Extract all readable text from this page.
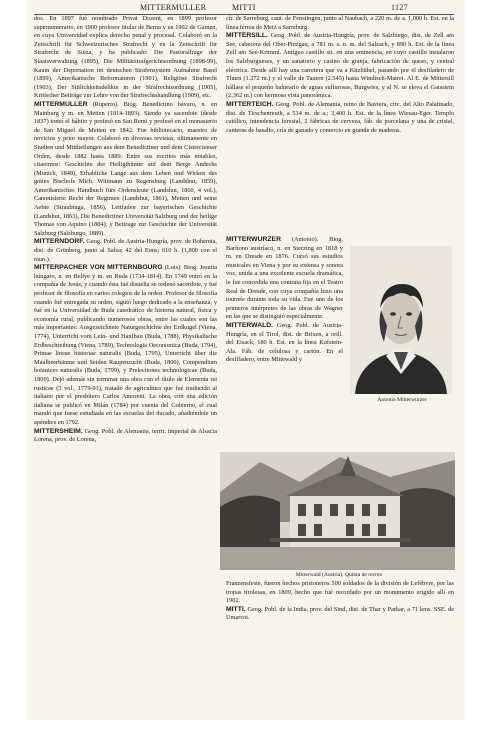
MITTERMULLER	MITTI	1127

dos. En 1897 fué nombrado Privat Dozent, en 1899 profesor supernumerario, en 1900 profesor titular de Berna y en 1902 de Gamen, en cuya Universidad explica derecho penal y procesal. Colaboró en la Zeitschrift für Schweizerisches Strafrecht y en la Zeitschrift für Strafrecht de Suiza, y ha publicado: Die Pastoralfrage der Staatsverwaltung (1895), Die Militärstrafgerichtsordnung (1898-99), Kaum der Deportation im deutschen Strafensystem Aufnahme Basel (1899), Amerikanische Reformatoren (1901), Religiöse Strafrecht (1903), Der Sittlichkeitsdelikte in der Strafrechtsordnung (1905), Kritischer Beiträge zur Lehre von der Strafrechtshandlung (1909), etc.

MITTERMULLER (Ruperto). Biog. Benedictino bávaro, n. en Mainburg y m. en Metten (1814-1893). Siendo ya sacerdote (desde 1837) tomó el hábito y profesó en San Remi y profesó en el monasterio de San Miguel de Metten en 1842. Fue bibliotecario, maestro de novicios y prior mayor. Colaboró en diversas revistas, ultimamente en Studien und Mittheilungen aus dem Benedictiner und dem Cistercienser Orden, desde 1882 hasta 1889. Entre sus escritos más notables, citaremos: Geschichte der Heiligthümer auf dem Berge Andechs (Munich, 1848), Erhabliche Lange aus dem Leben und Wirken des gottes Bischofs Mich. Wittmann zu Regensburg (Landshut, 1859), Amerikanisches Handbuch fürs Ordensleute (Landshut, 1860, 4 vol.), Canonisierte Recht der Regimen (Landshut, 1861), Metten und seine Aebte (Straubinga, 1856), Leitfaden zur bayerischen Geschichte (Landshut, 1863), Die Benedictiner Universität Salzburg und der heilige Thomas von Aquino (1884), y Beitrage zur Geschichte der Universität Salzburg (Salzburgo, 1889).

MITTERNDORF. Geog. Pobl. de Austria-Hungría, prov. de Bohemia, dist. de Grünberg, junto al Salza; 42 del Enns; 610 h. (1,800 con el mun.).

MITTERPACHER VON MITTERNBOURG (Luis). Biog. Jesuita húngaro, n. en Bellye y m. en Buda (1734-1814). En 1749 entró en la compañía de Jesús, y cuando ésta fué disuelta se ordenó sacerdote, y fué profesor de filosofía en varios colegios de la orden. Profesor de filosofía cuando fué entregada su orden, siguió luego dedicado a la enseñanza, y fué en la Universidad de Buda catedrático de historia natural, física y economía rural, publicando numerosos obras, entre las cuales son las más importantes: Ausgezeichnete Naturgeschichte der Erdkugel (Viena, 1774), Unterricht vom Lein- und Hanfbau (Buda, 1788), Physikalische Erdbeschreibung (Viena, 1789), Technologia Oeconomica (Buda, 1794), Primae lineae historiae naturalis (Buda, 1795), Unterricht über die Maulbeerbäume und Seiden Raupenzucht (Buda, 1800), Compendium botanices naturalis (Buda, 1799), y Prelectiones technologicae (Buda, 1800). Dejó además sin terminar una obra con el título de Elementa rei rusticae (3 vol., 1779-91), tratado de agricultura que fué traducido al italiano por el presbítero Carlos Amoretti. La obra, con una edición italiana se publicó en Milán (1784) por cuenta del Gobierno, el cual mandó que fuese estudiada en las escuelas del ducado, añadiéndole un apéndice en 1792.

MITTERSHEIM. Geog. Pobl. de Alemania, territ. imperial de Alsacia Lorena, prov. de Lorena,

cír. de Sarreburg, cant. de Fenstingen, junto al Naubach, a 220 m. de a. 1,000 h. Est. en la línea férrea de Metz a Sarreburg.

MITTERSILL. Geog. Pobl. de Austria-Hungría, prov. de Salzburgo, dist. de Zell am See, cabecera del Ober-Pinzgau, a 781 m. s. n. m. del Salzach, y 890 h. Est. de la línea Zell am See-Krimml. Antiguo castillo sit. en una eminencia, en cuyo castillo instalaron los Salzburgueses, y un sanatorio y casino de granja, fabricación de queso, y central eléctrica. Desde allí hay una carretera que va a Kitzbühel, pasando por el desfiladero de Thurn (1.272 m.) y el valle de Tauern (2.545) hasta Windisch-Matrei. Al E. de Mittersill hállase el pequeño balneario de aguas sulfurosas, Burgwies, y al N. se eleva el Gaisstein (2,362 m.) con hermosa vista panorámica.

MITTERTEICH. Geog. Pobl. de Alemania, reino de Baviera, circ. del Alto Palatinado, dist. de Tirschenreuth, a 514 m. de a.; 3,400 h. Est. de la línea Wiesau-Eger. Templo católico, intendencia forestal, 2 fábricas de cerveza, fáb. de porcelana y una de cristal, canteras de basalto, cría de ganado y comercio en grande de maderas.

MITTERWURZER (Antonio). Biog. Barítono austríaco, n. en Sterzing en 1818 y m. en Dresde en 1876. Cursó sus estudios musicales en Viena y por su extensa y sonora voz, unida a una excelente escuela dramática, le fue concedida una contrata fija en el Teatro Real de Dresde, con cuya compañía hizo una tournée durante toda su vida. Fue uno de los primeros intérpretes de las obras de Wagner en las que se distinguió especialmente.

MITTERWALD. Geog. Pobl. de Austria-Hungría, en el Tirol, dist. de Brixen, a orill. del Eisack, 180 h. Est. en la línea Kufstein-Ala. Fáb. de celulosa y cartón. En el desfiladero, entre Mittewald y

Antonio Mitterwurzer
Mitterwald (Austria). Quinta de recreo

Franzensfeste, fueron hechos prisioneros 500 soldados de la división de Lefèbvre, por las tropas tirolesas, en 1809, hecho que fué recordado por un monumento erigido allí en 1902.

MITTI. Geog. Pobl. de la India, prov. del Sind, dist. de Thar y Parkar, a 71 kms. SSE. de Umarcot.
